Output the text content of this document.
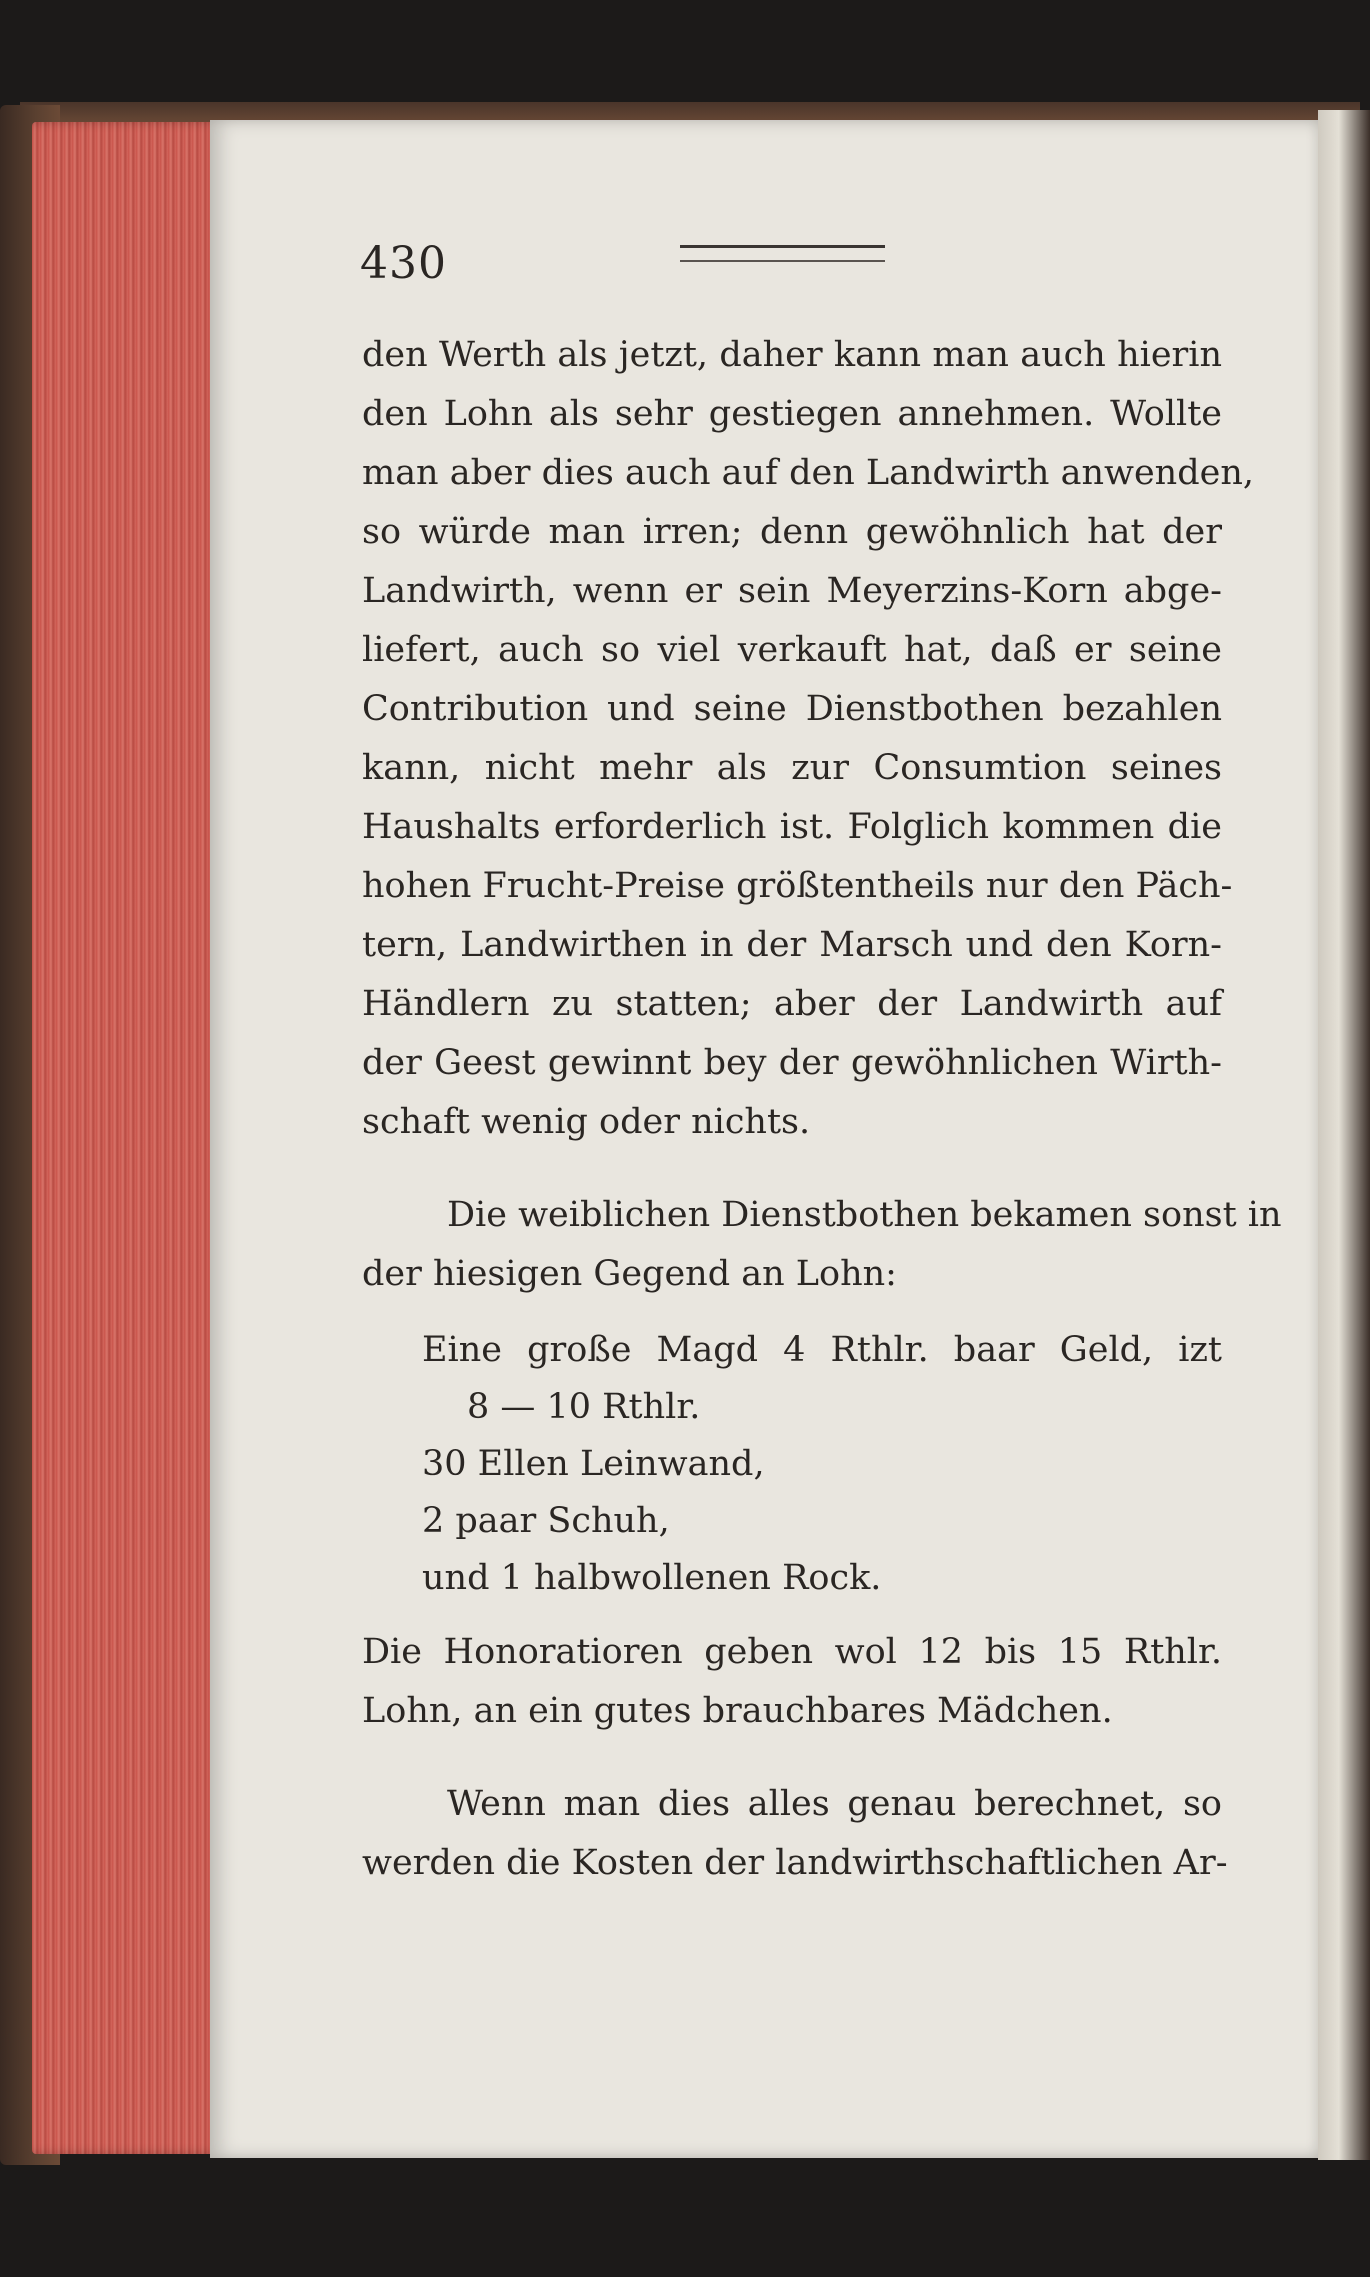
430
den Werth als jetzt, daher kann man auch hierin
den Lohn als sehr gestiegen annehmen. Wollte
man aber dies auch auf den Landwirth anwenden,
so würde man irren; denn gewöhnlich hat der
Landwirth, wenn er sein Meyerzins-Korn abge-
liefert, auch so viel verkauft hat, daß er seine
Contribution und seine Dienstbothen bezahlen
kann, nicht mehr als zur Consumtion seines
Haushalts erforderlich ist. Folglich kommen die
hohen Frucht-Preise größtentheils nur den Päch-
tern, Landwirthen in der Marsch und den Korn-
Händlern zu statten; aber der Landwirth auf
der Geest gewinnt bey der gewöhnlichen Wirth-
schaft wenig oder nichts.
Die weiblichen Dienstbothen bekamen sonst in
der hiesigen Gegend an Lohn:
Eine große Magd 4 Rthlr. baar Geld, izt
8 — 10 Rthlr.
30 Ellen Leinwand,
2 paar Schuh,
und 1 halbwollenen Rock.
Die Honoratioren geben wol 12 bis 15 Rthlr.
Lohn, an ein gutes brauchbares Mädchen.
Wenn man dies alles genau berechnet, so
werden die Kosten der landwirthschaftlichen Ar-
